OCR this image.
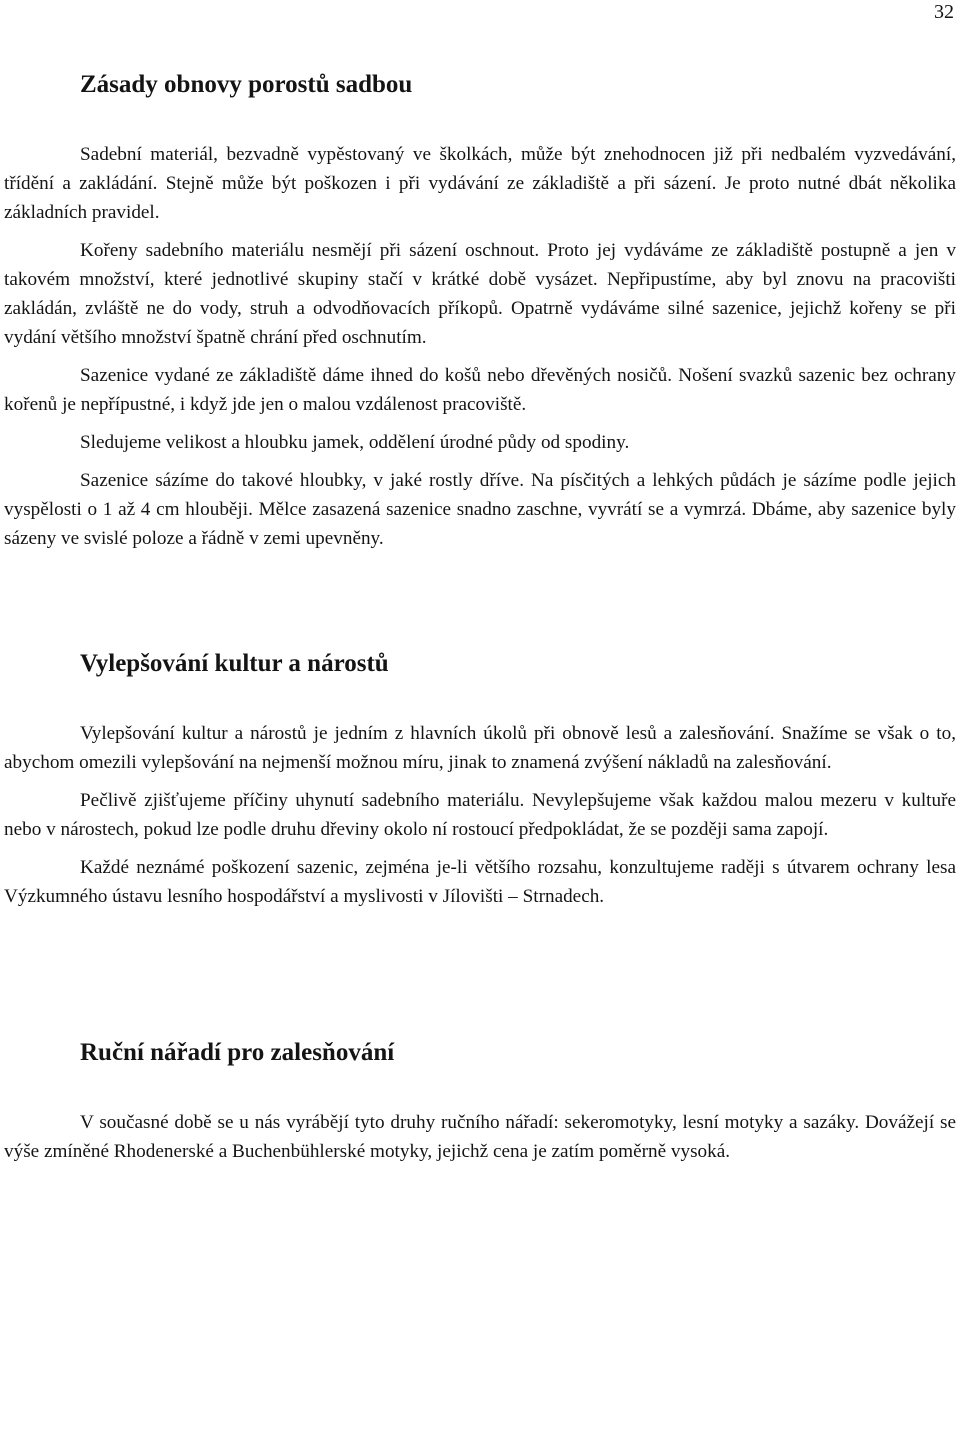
32
Zásady obnovy porostů sadbou

Sadební materiál, bezvadně vypěstovaný ve školkách, může být znehodnocen již při nedbalém vyzvedávání, třídění a zakládání. Stejně může být poškozen i při vydávání ze základiště a při sázení. Je proto nutné dbát několika základních pravidel.

Kořeny sadebního materiálu nesmějí při sázení oschnout. Proto jej vydáváme ze základiště postupně a jen v takovém množství, které jednotlivé skupiny stačí v krátké době vysázet. Nepřipustíme, aby byl znovu na pracovišti zakládán, zvláště ne do vody, struh a odvodňovacích příkopů. Opatrně vydáváme silné sazenice, jejichž kořeny se při vydání většího množství špatně chrání před oschnutím.

Sazenice vydané ze základiště dáme ihned do košů nebo dřevěných nosičů. Nošení svazků sazenic bez ochrany kořenů je nepřípustné, i když jde jen o malou vzdálenost pracoviště.

Sledujeme velikost a hloubku jamek, oddělení úrodné půdy od spodiny.

Sazenice sázíme do takové hloubky, v jaké rostly dříve. Na písčitých a lehkých půdách je sázíme podle jejich vyspělosti o 1 až 4 cm hlouběji. Mělce zasazená sazenice snadno zaschne, vyvrátí se a vymrzá. Dbáme, aby sazenice byly sázeny ve svislé poloze a řádně v zemi upevněny.

Vylepšování kultur a nárostů

Vylepšování kultur a nárostů je jedním z hlavních úkolů při obnově lesů a zalesňování. Snažíme se však o to, abychom omezili vylepšování na nejmenší možnou míru, jinak to znamená zvýšení nákladů na zalesňování.

Pečlivě zjišťujeme příčiny uhynutí sadebního materiálu. Nevylepšujeme však každou malou mezeru v kultuře nebo v nárostech, pokud lze podle druhu dřeviny okolo ní rostoucí předpokládat, že se později sama zapojí.

Každé neznámé poškození sazenic, zejména je-li většího rozsahu, konzultujeme raději s útvarem ochrany lesa Výzkumného ústavu lesního hospodářství a myslivosti v Jílovišti – Strnadech.

Ruční nářadí pro zalesňování

V současné době se u nás vyrábějí tyto druhy ručního nářadí: sekeromotyky, lesní motyky a sazáky. Dovážejí se výše zmíněné Rhodenerské a Buchenbühlerské motyky, jejichž cena je zatím poměrně vysoká.
